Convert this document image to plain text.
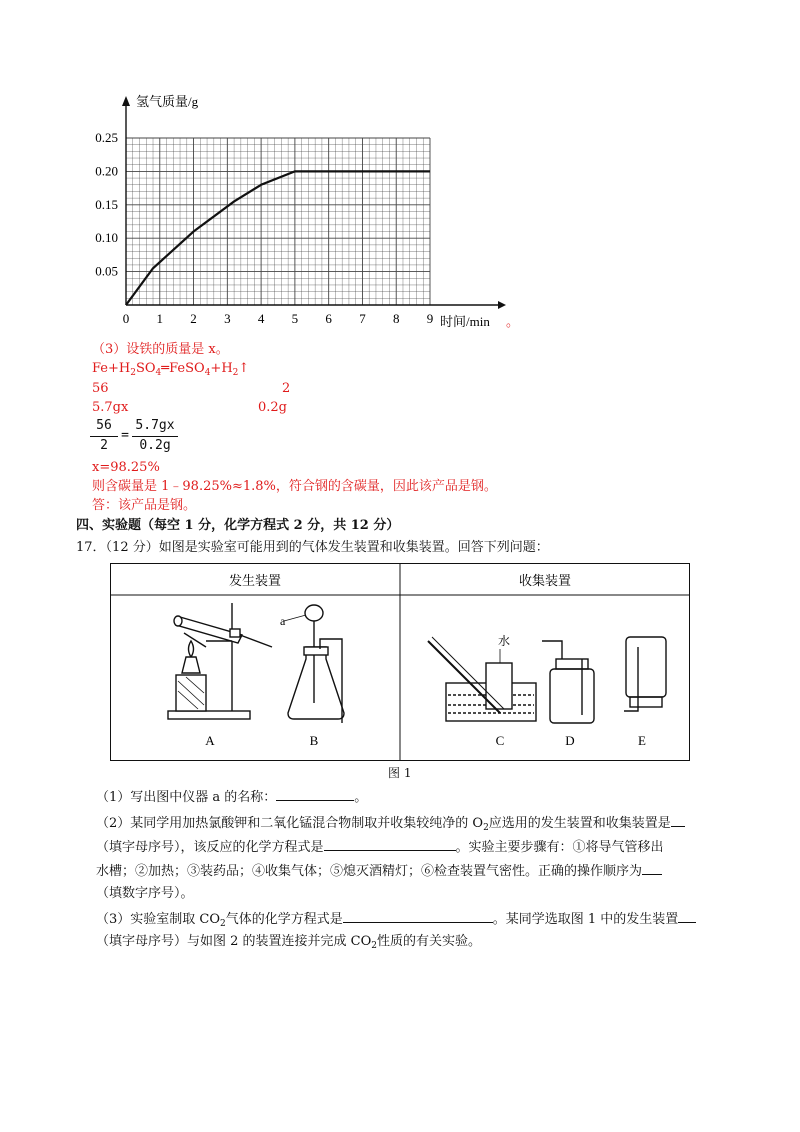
0 1 2 3 4 5 6 7 8 9
0.05
0.10
0.15
0.20
0.25
氢气质量/g
时间/min 。
（3）设铁的质量是 x。
$Fe+H_2SO_4═FeSO_4+H_2↑$
56	2
5.7gx	0.2g
56
2
=
5.7gx
0.2g
x=98.25%
则含碳量是 1﹣98.25%≈1.8%，符合钢的含碳量，因此该产品是钢。
答：该产品是钢。
四、实验题（每空 1 分，化学方程式 2 分，共 12 分）
17．（12 分）如图是实验室可能用到的气体发生装置和收集装置。回答下列问题：
发生装置	收集装置
A
a
B
水
C	D	E
图 1
（1）写出图中仪器 a 的名称：	。
（2）某同学用加热氯酸钾和二氧化锰混合物制取并收集较纯净的 $O_2$应选用的发生装置和收集装置是
（填字母序号），该反应的化学方程式是	。实验主要步骤有：①将导气管移出
水槽；②加热；③装药品；④收集气体；⑤熄灭酒精灯；⑥检查装置气密性。正确的操作顺序为
（填数字序号）。
（3）实验室制取 $CO_2$气体的化学方程式是	。某同学选取图 1 中的发生装置
（填字母序号）与如图 2 的装置连接并完成 $CO_2$性质的有关实验。
